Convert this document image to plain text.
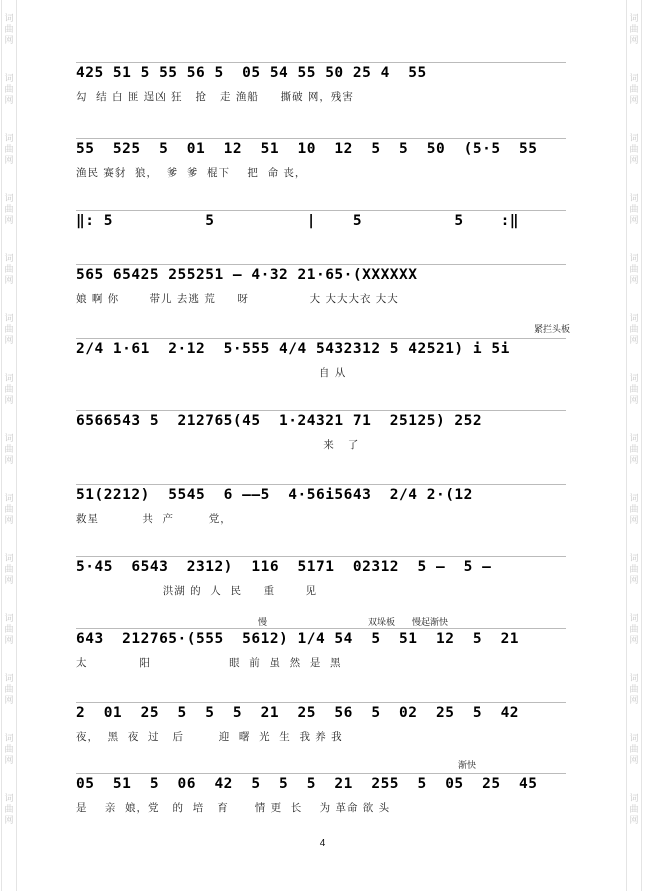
词
曲
网
词
曲
网
词
曲
网
词
曲
网
词
曲
网
词
曲
网
词
曲
网
词
曲
网
词
曲
网
词
曲
网
词
曲
网
词
曲
网
词
曲
网
词
曲
网
词
曲
网
词
曲
网
词
曲
网
词
曲
网
词
曲
网
词
曲
网
词
曲
网
词
曲
网
词
曲
网
词
曲
网
词
曲
网
词
曲
网
词
曲
网
词
曲
网
425 51 5 55 56 5  05 54 55 50 25 4  55
勾  结 白 匪 逞凶 狂   抢   走 渔船     撕破 网，残害
55  525  5  01  12  51  10  12  5  5  50  (5·5  55
渔民 赛豺  狼，  爹  爹  棍下    把  命 丧，
‖: 5          5          |    5          5    :‖
565 65425 255251 — 4·32 21·65·(XXXXXX
娘 啊 你       带儿 去逃 荒     呀              大 大大大衣 大大
2/4 1·61  2·12  5·555 4/4 5432312 5 42521) i 5i
自 从
6566543 5  212765(45  1·24321 71  25125) 252
来   了
51(2212)  5545  6 ——5  4·56i5643  2/4 2·(12
救星          共  产        党，
5·45  6543  2312)  116  5171  02312  5 —  5 —
洪湖 的  人  民     重       见
643  212765·(555  5612) 1/4 54  5  51  12  5  21
太            阳                  眼  前  虽  然  是  黑
2  01  25  5  5  5  21  25  56  5  02  25  5  42
夜，  黑  夜  过   后        迎  曙  光  生  我 养 我
05  51  5  06  42  5  5  5  21  255  5  05  25  45
是    亲  娘，党   的  培   育      情 更  长    为 革命 欲 头
紧拦头板
慢	双垛板 慢起渐快
渐快
4
